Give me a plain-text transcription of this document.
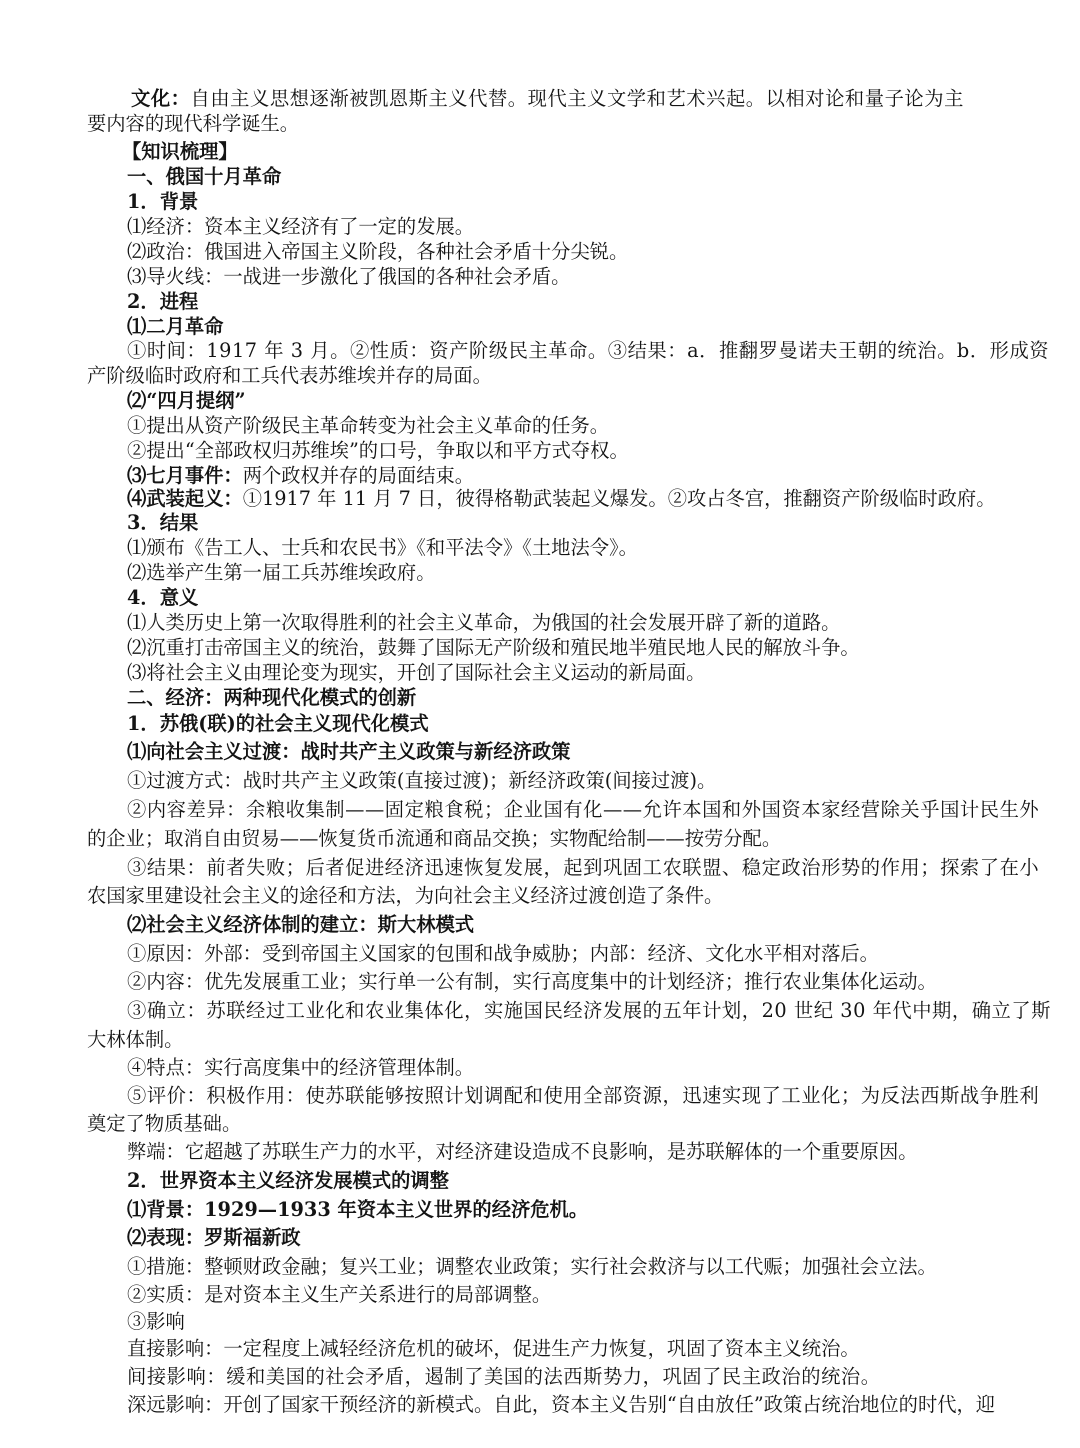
文化：自由主义思想逐渐被凯恩斯主义代替。现代主义文学和艺术兴起。以相对论和量子论为主
要内容的现代科学诞生。
【知识梳理】
一、俄国十月革命
1．背景
⑴经济：资本主义经济有了一定的发展。
⑵政治：俄国进入帝国主义阶段，各种社会矛盾十分尖锐。
⑶导火线：一战进一步激化了俄国的各种社会矛盾。
2．进程
⑴二月革命
①时间：1917 年 3 月。②性质：资产阶级民主革命。③结果：a．推翻罗曼诺夫王朝的统治。b．形成资
产阶级临时政府和工兵代表苏维埃并存的局面。
⑵“四月提纲”
①提出从资产阶级民主革命转变为社会主义革命的任务。
②提出“全部政权归苏维埃”的口号，争取以和平方式夺权。
⑶七月事件：两个政权并存的局面结束。
⑷武装起义：①1917 年 11 月 7 日，彼得格勒武装起义爆发。②攻占冬宫，推翻资产阶级临时政府。
3．结果
⑴颁布《告工人、士兵和农民书》《和平法令》《土地法令》。
⑵选举产生第一届工兵苏维埃政府。
4．意义
⑴人类历史上第一次取得胜利的社会主义革命，为俄国的社会发展开辟了新的道路。
⑵沉重打击帝国主义的统治，鼓舞了国际无产阶级和殖民地半殖民地人民的解放斗争。
⑶将社会主义由理论变为现实，开创了国际社会主义运动的新局面。
二、经济：两种现代化模式的创新
1．苏俄(联)的社会主义现代化模式
⑴向社会主义过渡：战时共产主义政策与新经济政策
①过渡方式：战时共产主义政策(直接过渡)；新经济政策(间接过渡)。
②内容差异：余粮收集制——固定粮食税；企业国有化——允许本国和外国资本家经营除关乎国计民生外
的企业；取消自由贸易——恢复货币流通和商品交换；实物配给制——按劳分配。
③结果：前者失败；后者促进经济迅速恢复发展，起到巩固工农联盟、稳定政治形势的作用；探索了在小
农国家里建设社会主义的途径和方法，为向社会主义经济过渡创造了条件。
⑵社会主义经济体制的建立：斯大林模式
①原因：外部：受到帝国主义国家的包围和战争威胁；内部：经济、文化水平相对落后。
②内容：优先发展重工业；实行单一公有制，实行高度集中的计划经济；推行农业集体化运动。
③确立：苏联经过工业化和农业集体化，实施国民经济发展的五年计划，20 世纪 30 年代中期，确立了斯
大林体制。
④特点：实行高度集中的经济管理体制。
⑤评价：积极作用：使苏联能够按照计划调配和使用全部资源，迅速实现了工业化；为反法西斯战争胜利
奠定了物质基础。
弊端：它超越了苏联生产力的水平，对经济建设造成不良影响，是苏联解体的一个重要原因。
2．世界资本主义经济发展模式的调整
⑴背景：1929—1933 年资本主义世界的经济危机。
⑵表现：罗斯福新政
①措施：整顿财政金融；复兴工业；调整农业政策；实行社会救济与以工代赈；加强社会立法。
②实质：是对资本主义生产关系进行的局部调整。
③影响
直接影响：一定程度上减轻经济危机的破坏，促进生产力恢复，巩固了资本主义统治。
间接影响：缓和美国的社会矛盾，遏制了美国的法西斯势力，巩固了民主政治的统治。
深远影响：开创了国家干预经济的新模式。自此，资本主义告别“自由放任”政策占统治地位的时代，迎
